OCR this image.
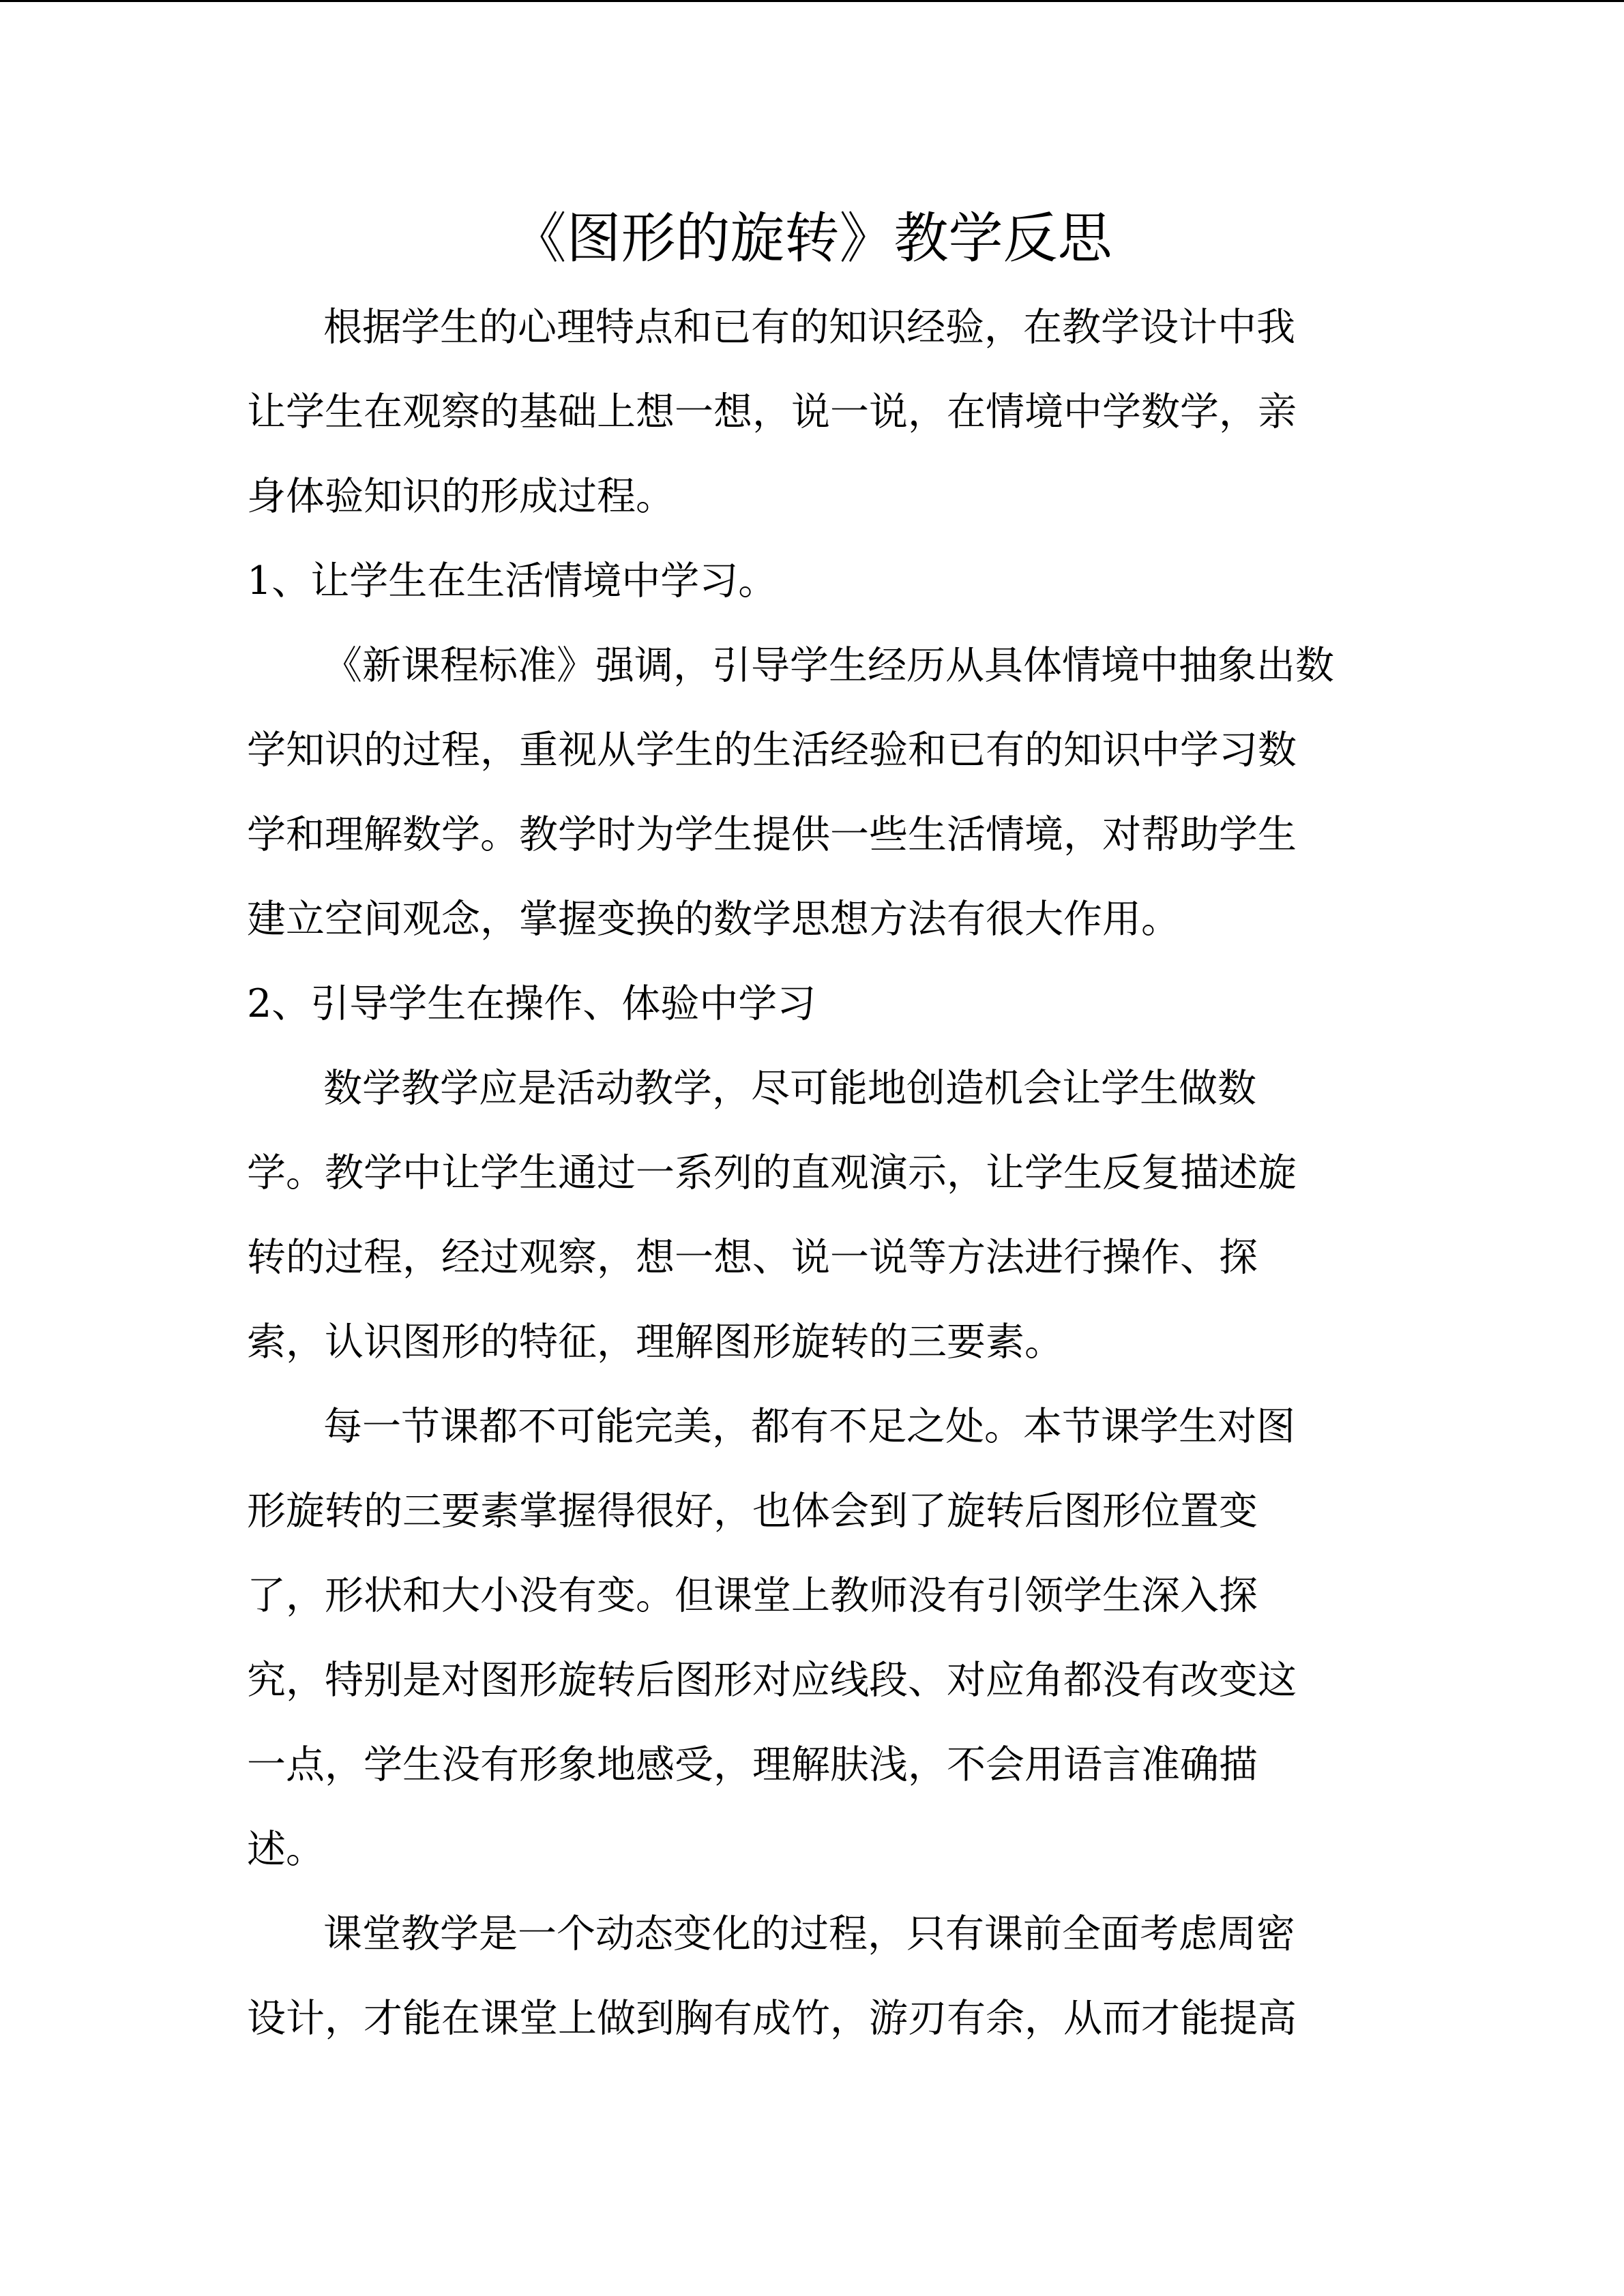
《图形的旋转》教学反思
根据学生的心理特点和已有的知识经验，在教学设计中我
让学生在观察的基础上想一想，说一说，在情境中学数学，亲
身体验知识的形成过程。
1、让学生在生活情境中学习。
《新课程标准》强调，引导学生经历从具体情境中抽象出数
学知识的过程，重视从学生的生活经验和已有的知识中学习数
学和理解数学。教学时为学生提供一些生活情境，对帮助学生
建立空间观念，掌握变换的数学思想方法有很大作用。
2、引导学生在操作、体验中学习
数学教学应是活动教学，尽可能地创造机会让学生做数
学。教学中让学生通过一系列的直观演示，让学生反复描述旋
转的过程，经过观察，想一想、说一说等方法进行操作、探
索，认识图形的特征，理解图形旋转的三要素。
每一节课都不可能完美，都有不足之处。本节课学生对图
形旋转的三要素掌握得很好，也体会到了旋转后图形位置变
了，形状和大小没有变。但课堂上教师没有引领学生深入探
究，特别是对图形旋转后图形对应线段、对应角都没有改变这
一点，学生没有形象地感受，理解肤浅，不会用语言准确描
述。
课堂教学是一个动态变化的过程，只有课前全面考虑周密
设计，才能在课堂上做到胸有成竹，游刃有余，从而才能提高
